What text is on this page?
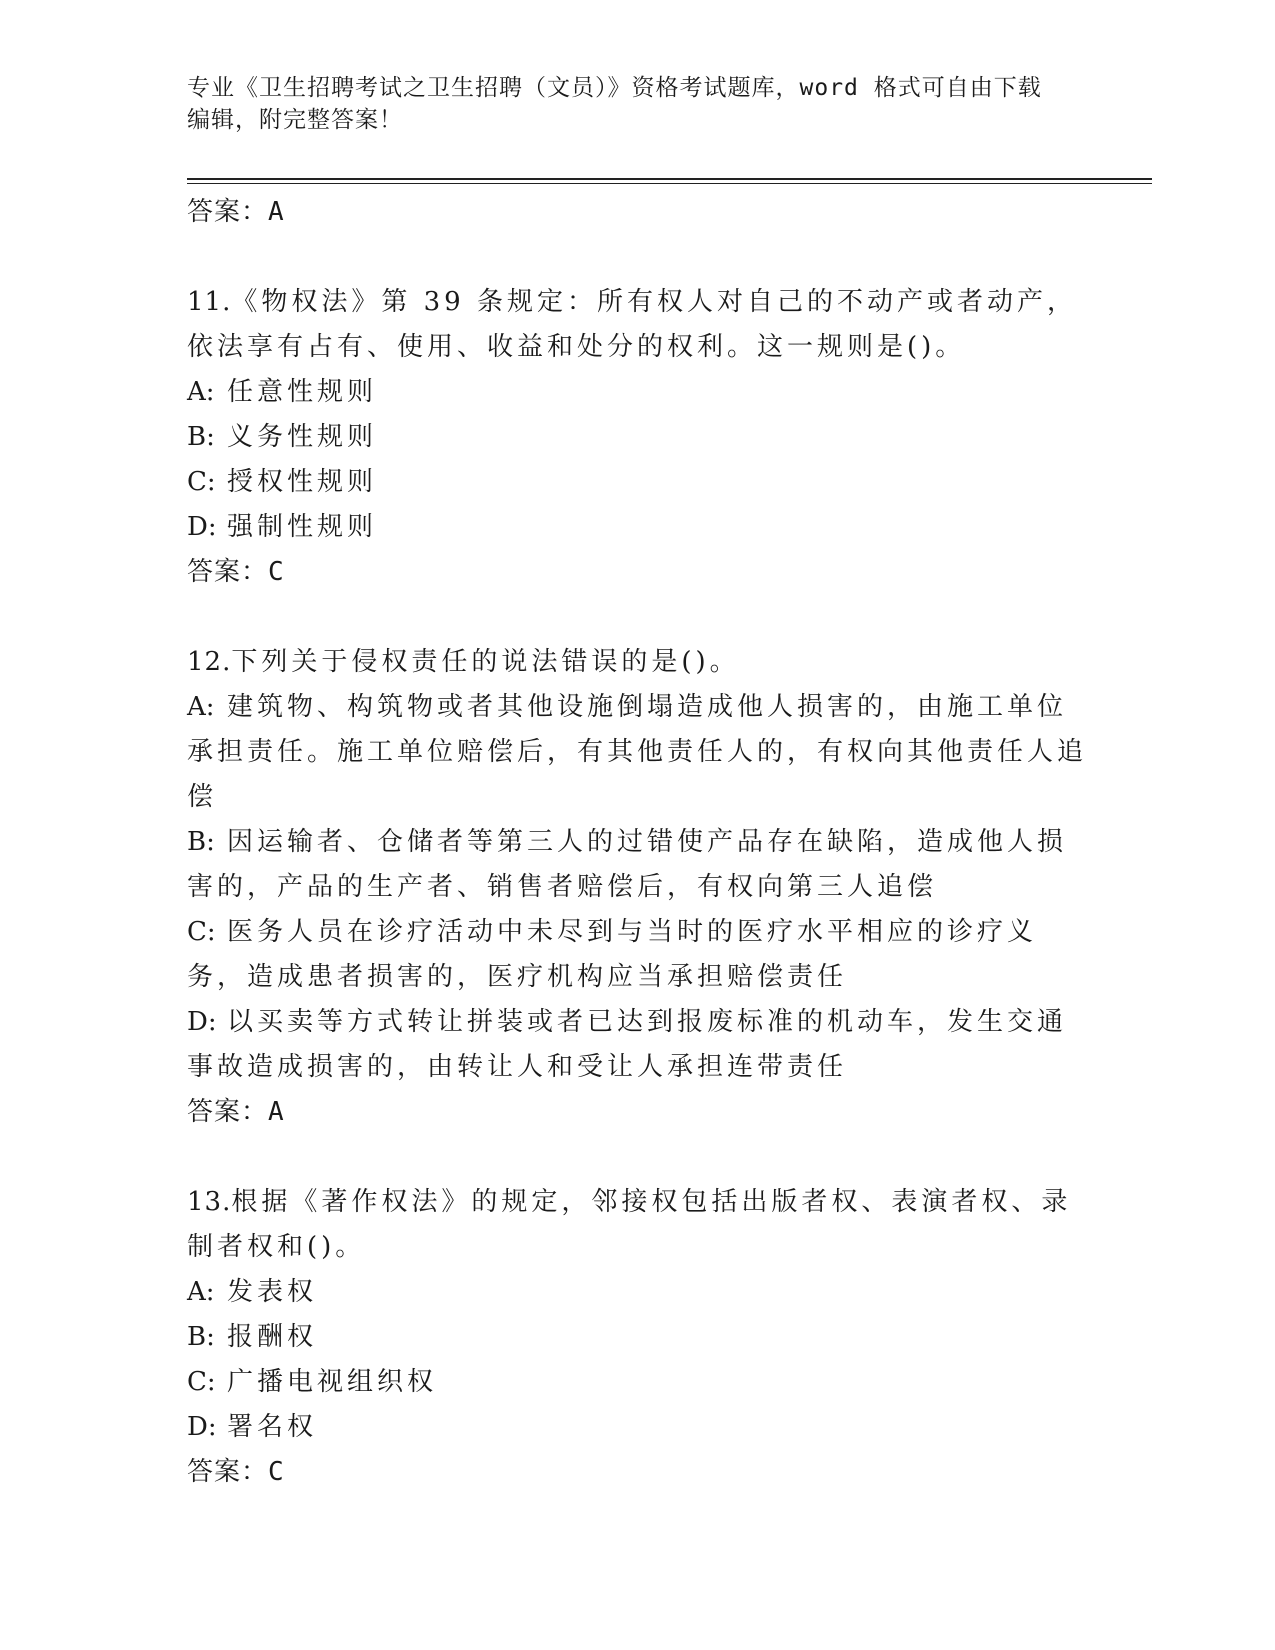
专业《卫生招聘考试之卫生招聘（文员）》资格考试题库，word 格式可自由下载
编辑，附完整答案！

答案：A

11.《物权法》第 39 条规定：所有权人对自己的不动产或者动产，依法享有占有、使用、收益和处分的权利。这一规则是()。

A: 任意性规则

B: 义务性规则

C: 授权性规则

D: 强制性规则

答案：C

12.下列关于侵权责任的说法错误的是()。

A: 建筑物、构筑物或者其他设施倒塌造成他人损害的，由施工单位承担责任。施工单位赔偿后，有其他责任人的，有权向其他责任人追偿

B: 因运输者、仓储者等第三人的过错使产品存在缺陷，造成他人损害的，产品的生产者、销售者赔偿后，有权向第三人追偿

C: 医务人员在诊疗活动中未尽到与当时的医疗水平相应的诊疗义务，造成患者损害的，医疗机构应当承担赔偿责任

D: 以买卖等方式转让拼装或者已达到报废标准的机动车，发生交通事故造成损害的，由转让人和受让人承担连带责任

答案：A

13.根据《著作权法》的规定，邻接权包括出版者权、表演者权、录制者权和()。

A: 发表权

B: 报酬权

C: 广播电视组织权

D: 署名权

答案：C
